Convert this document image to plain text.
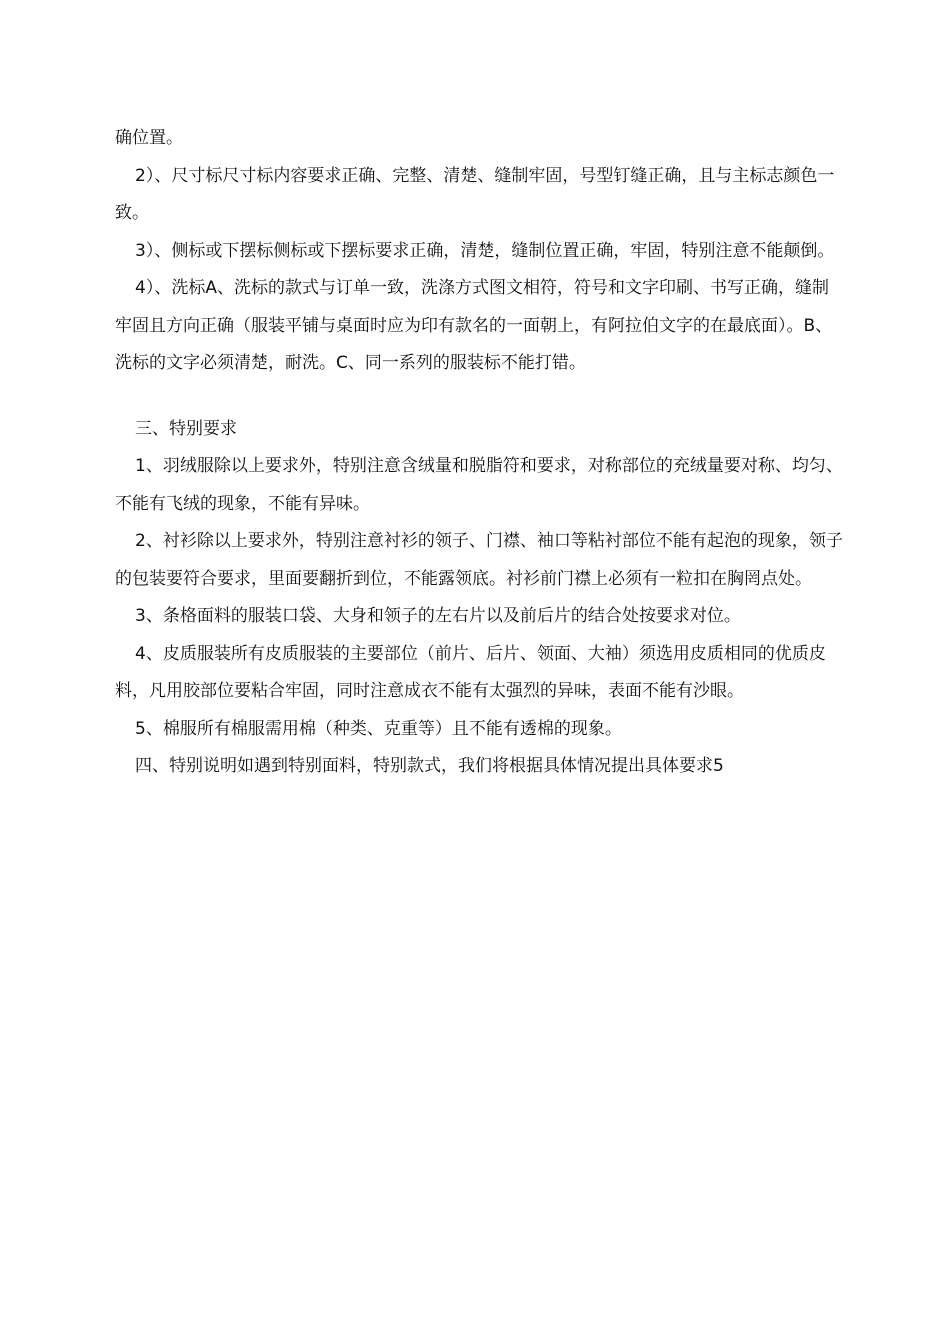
确位置。

2）、尺寸标尺寸标内容要求正确、完整、清楚、缝制牢固，号型钉缝正确，且与主标志颜色一致。

3）、侧标或下摆标侧标或下摆标要求正确，清楚，缝制位置正确，牢固，特别注意不能颠倒。

4）、洗标A、洗标的款式与订单一致，洗涤方式图文相符，符号和文字印刷、书写正确，缝制牢固且方向正确（服装平铺与桌面时应为印有款名的一面朝上，有阿拉伯文字的在最底面）。B、洗标的文字必须清楚，耐洗。C、同一系列的服装标不能打错。

三、特别要求

1、羽绒服除以上要求外，特别注意含绒量和脱脂符和要求，对称部位的充绒量要对称、均匀、不能有飞绒的现象，不能有异味。

2、衬衫除以上要求外，特别注意衬衫的领子、门襟、袖口等粘衬部位不能有起泡的现象，领子的包装要符合要求，里面要翻折到位，不能露领底。衬衫前门襟上必须有一粒扣在胸罔点处。

3、条格面料的服装口袋、大身和领子的左右片以及前后片的结合处按要求对位。

4、皮质服装所有皮质服装的主要部位（前片、后片、领面、大袖）须选用皮质相同的优质皮料，凡用胶部位要粘合牢固，同时注意成衣不能有太强烈的异味，表面不能有沙眼。

5、棉服所有棉服需用棉（种类、克重等）且不能有透棉的现象。

四、特别说明如遇到特别面料，特别款式，我们将根据具体情况提出具体要求5
